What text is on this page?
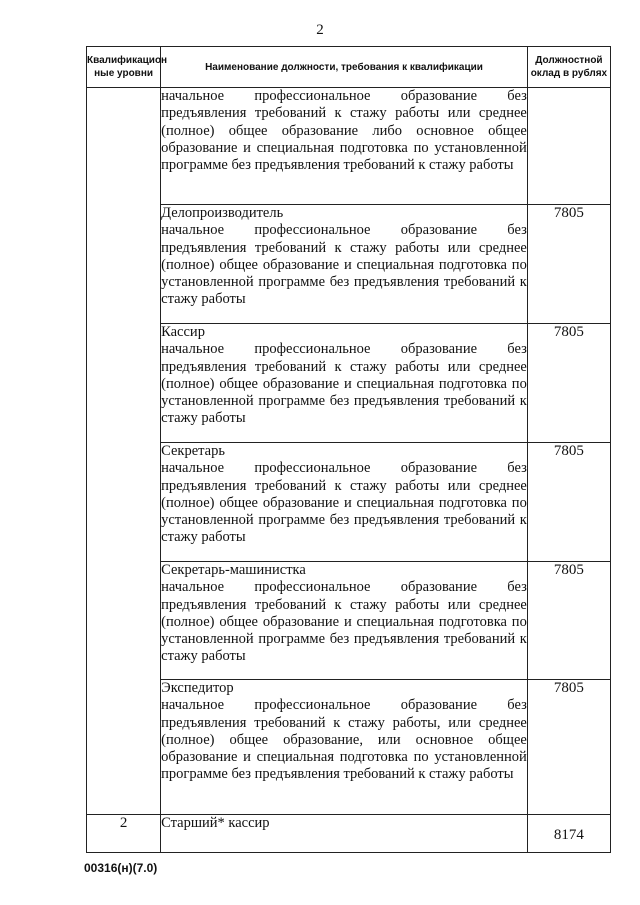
2
Квалификацион ные уровни	Наименование должности, требования к квалификации	Должностной оклад в рублях

	начальное профессиональное образование без предъявления требований к стажу работы или среднее (полное) общее образование либо основное общее образование и специальная подготовка по установленной программе без предъявления требований к стажу работы	

	Делопроизводитель
начальное профессиональное образование без предъявления требований к стажу работы или среднее (полное) общее образование и специальная подготовка по установленной программе без предъявления требований к стажу работы	7805

	Кассир
начальное профессиональное образование без предъявления требований к стажу работы или среднее (полное) общее образование и специальная подготовка по установленной программе без предъявления требований к стажу работы	7805

	Секретарь
начальное профессиональное образование без предъявления требований к стажу работы или среднее (полное) общее образование и специальная подготовка по установленной программе без предъявления требований к стажу работы	7805

	Секретарь-машинистка
начальное профессиональное образование без предъявления требований к стажу работы или среднее (полное) общее образование и специальная подготовка по установленной программе без предъявления требований к стажу работы	7805

	Экспедитор
начальное профессиональное образование без предъявления требований к стажу работы, или среднее (полное) общее образование, или основное общее образование и специальная подготовка по установленной программе без предъявления требований к стажу работы	7805
2	Старший* кассир	8174
00316(н)(7.0)
